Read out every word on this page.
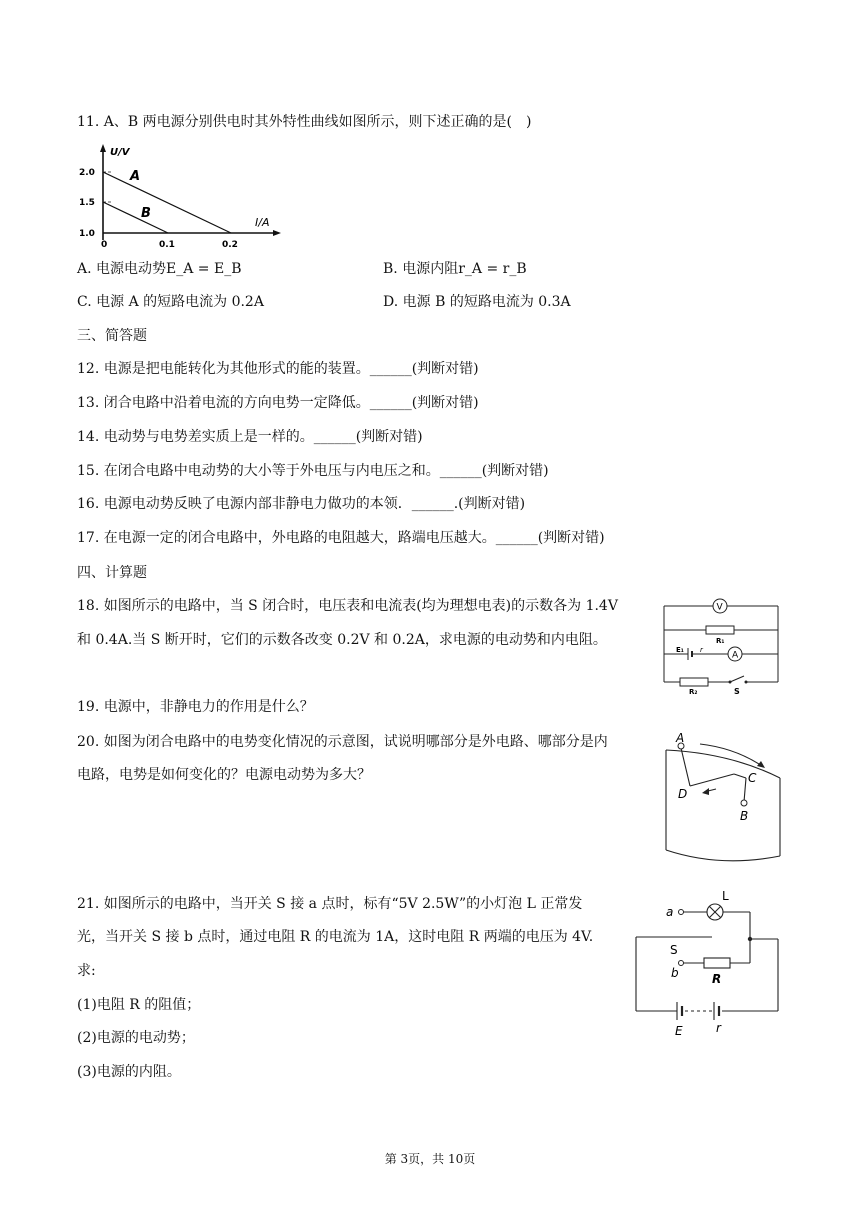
11. A、B 两电源分别供电时其外特性曲线如图所示，则下述正确的是(　)
U/V
I/A
2.0
1.5
1.0
0	0.1	0.2
A
B
A. 电源电动势E_A = E_B	B. 电源内阻r_A = r_B
C. 电源 A 的短路电流为 0.2A	D. 电源 B 的短路电流为 0.3A
三、简答题
12. 电源是把电能转化为其他形式的能的装置。______(判断对错)
13. 闭合电路中沿着电流的方向电势一定降低。______(判断对错)
14. 电动势与电势差实质上是一样的。______(判断对错)
15. 在闭合电路中电动势的大小等于外电压与内电压之和。______(判断对错)
16. 电源电动势反映了电源内部非静电力做功的本领．______.(判断对错)
17. 在电源一定的闭合电路中，外电路的电阻越大，路端电压越大。______(判断对错)
四、计算题
18. 如图所示的电路中，当 S 闭合时，电压表和电流表(均为理想电表)的示数各为 1.4V
和 0.4A.当 S 断开时，它们的示数各改变 0.2V 和 0.2A，求电源的电动势和内电阻。
V
R₁
E₁ r
A
R₂	S
19. 电源中，非静电力的作用是什么？
20. 如图为闭合电路中的电势变化情况的示意图，试说明哪部分是外电路、哪部分是内
电路，电势是如何变化的？电源电动势为多大？
A
B
C
D
21. 如图所示的电路中，当开关 S 接 a 点时，标有“5V 2.5W”的小灯泡 L 正常发
光，当开关 S 接 b 点时，通过电阻 R 的电流为 1A，这时电阻 R 两端的电压为 4V.
求:
(1)电阻 R 的阻值；
(2)电源的电动势；
(3)电源的内阻。
a
b
L
S
R
E	r
第 3页，共 10页
